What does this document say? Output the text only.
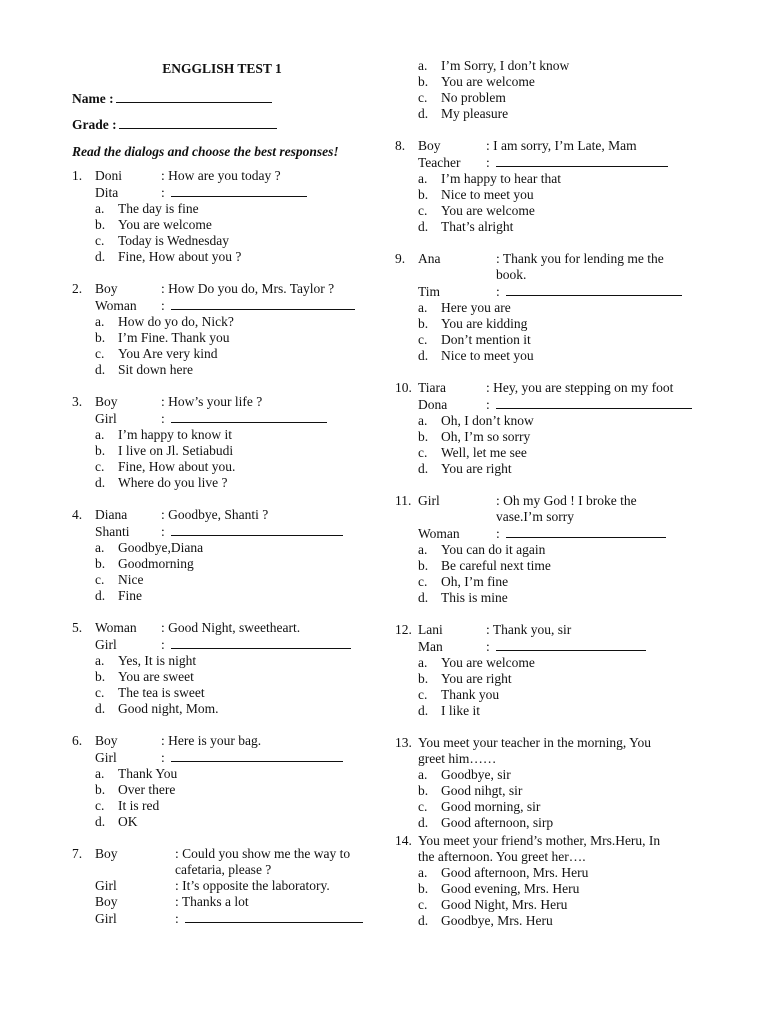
ENGGLISH TEST 1
Name :
Grade :
Read the dialogs and choose the best responses!
1. Doni	: How are you today ?
Dita	:
a. The day is fine
b. You are welcome
c. Today is Wednesday
d. Fine, How about you ?
2. Boy	: How Do you do, Mrs. Taylor ?
Woman :
a. How do yo do, Nick?
b. I’m Fine. Thank you
c. You Are very kind
d. Sit down here
3. Boy	: How’s your life ?
Girl	:
a. I’m happy to know it
b. I live on Jl. Setiabudi
c. Fine, How about you.
d. Where do you live ?
4. Diana	: Goodbye, Shanti ?
Shanti :
a. Goodbye,Diana
b. Goodmorning
c. Nice
d. Fine
5. Woman : Good Night, sweetheart.
Girl	:
a. Yes, It is night
b. You are sweet
c. The tea is sweet
d. Good night, Mom.
6. Boy	: Here is your bag.
Girl	:
a. Thank You
b. Over there
c. It is red
d. OK
7. Boy	: Could you show me the way to
cafetaria, please ?
Girl	: It’s opposite the laboratory.
Boy	: Thanks a lot
Girl	:
a. I’m Sorry, I don’t know
b. You are welcome
c. No problem
d. My pleasure
8. Boy	: I am sorry, I’m Late, Mam
Teacher :
a. I’m happy to hear that
b. Nice to meet you
c. You are welcome
d. That’s alright
9. Ana	: Thank you for lending me the
book.
Tim	:
a. Here you are
b. You are kidding
c. Don’t mention it
d. Nice to meet you
10. Tiara	: Hey, you are stepping on my foot
Dona	:
a. Oh, I don’t know
b. Oh, I’m so sorry
c. Well, let me see
d. You are right
11. Girl	: Oh my God ! I broke the
vase.I’m sorry
Woman	:
a. You can do it again
b. Be careful next time
c. Oh, I’m fine
d. This is mine
12. Lani	: Thank you, sir
Man	:
a. You are welcome
b. You are right
c. Thank you
d. I like it
13. You meet your teacher in the morning, You
greet him……
a. Goodbye, sir
b. Good nihgt, sir
c. Good morning, sir
d. Good afternoon, sirp
14. You meet your friend’s mother, Mrs.Heru, In
the afternoon. You greet her….
a. Good afternoon, Mrs. Heru
b. Good evening, Mrs. Heru
c. Good Night, Mrs. Heru
d. Goodbye, Mrs. Heru
